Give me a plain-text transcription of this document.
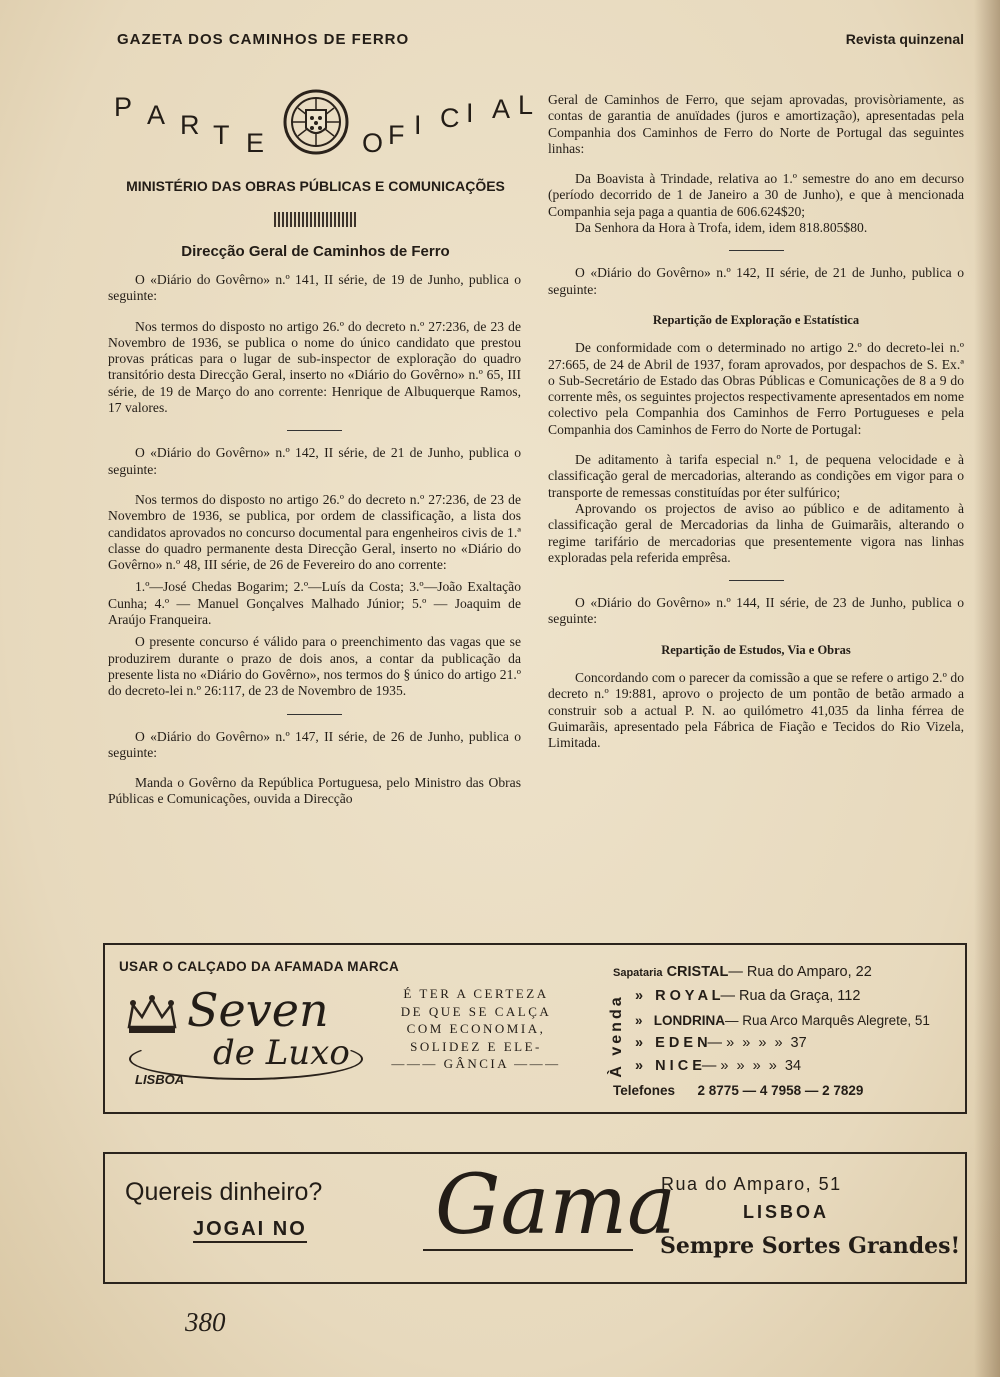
GAZETA DOS CAMINHOS DE FERRO	Revista quinzenal
P A R T E	O F I C I A L
MINISTÉRIO DAS OBRAS PÚBLICAS E COMUNICAÇÕES
Direcção Geral de Caminhos de Ferro

O «Diário do Govêrno» n.º 141, II série, de 19 de Junho, publica o seguinte:

Nos termos do disposto no artigo 26.º do decreto n.º 27:236, de 23 de Novembro de 1936, se publica o nome do único candidato que prestou provas práticas para o lugar de sub-inspector de exploração do quadro transitório desta Direcção Geral, inserto no «Diário do Govêrno» n.º 65, III série, de 19 de Março do ano corrente: Henrique de Albuquerque Ramos, 17 valores.

O «Diário do Govêrno» n.º 142, II série, de 21 de Junho, publica o seguinte:

Nos termos do disposto no artigo 26.º do decreto n.º 27:236, de 23 de Novembro de 1936, se publica, por ordem de classificação, a lista dos candidatos aprovados no concurso documental para engenheiros civis de 1.ª classe do quadro permanente desta Direcção Geral, inserto no «Diário do Govêrno» n.º 48, III série, de 26 de Fevereiro do ano corrente:

1.º—José Chedas Bogarim; 2.º—Luís da Costa; 3.º—João Exaltação Cunha; 4.º — Manuel Gonçalves Malhado Júnior; 5.º — Joaquim de Araújo Franqueira.

O presente concurso é válido para o preenchimento das vagas que se produzirem durante o prazo de dois anos, a contar da publicação da presente lista no «Diário do Govêrno», nos termos do § único do artigo 21.º do decreto-lei n.º 26:117, de 23 de Novembro de 1935.

O «Diário do Govêrno» n.º 147, II série, de 26 de Junho, publica o seguinte:

Manda o Govêrno da República Portuguesa, pelo Ministro das Obras Públicas e Comunicações, ouvida a Direcção

Geral de Caminhos de Ferro, que sejam aprovadas, provisòriamente, as contas de garantia de anuïdades (juros e amortização), apresentadas pela Companhia dos Caminhos de Ferro do Norte de Portugal das seguintes linhas:

Da Boavista à Trindade, relativa ao 1.º semestre do ano em decurso (período decorrido de 1 de Janeiro a 30 de Junho), e que à mencionada Companhia seja paga a quantia de 606.624$20;

Da Senhora da Hora à Trofa, idem, idem 818.805$80.

O «Diário do Govêrno» n.º 142, II série, de 21 de Junho, publica o seguinte:

Repartição de Exploração e Estatística

De conformidade com o determinado no artigo 2.º do decreto-lei n.º 27:665, de 24 de Abril de 1937, foram aprovados, por despachos de S. Ex.ª o Sub-Secretário de Estado das Obras Públicas e Comunicações de 8 a 9 do corrente mês, os seguintes projectos respectivamente apresentados em nome colectivo pela Companhia dos Caminhos de Ferro Portugueses e pela Companhia dos Caminhos de Ferro do Norte de Portugal:

De aditamento à tarifa especial n.º 1, de pequena velocidade e à classificação geral de mercadorias, alterando as condições em vigor para o transporte de remessas constituídas por éter sulfúrico;

Aprovando os projectos de aviso ao público e de aditamento à classificação geral de Mercadorias da linha de Guimarãis, alterando o regime tarifário de mercadorias que presentemente vigora nas linhas exploradas pela referida emprêsa.

O «Diário do Govêrno» n.º 144, II série, de 23 de Junho, publica o seguinte:

Repartição de Estudos, Via e Obras

Concordando com o parecer da comissão a que se refere o artigo 2.º do decreto n.º 19:881, aprovo o projecto de um pontão de betão armado a construir sob a actual P. N. ao quilómetro 41,035 da linha férrea de Guimarãis, apresentado pela Fábrica de Fiação e Tecidos do Rio Vizela, Limitada.

USAR O CALÇADO DA AFAMADA MARCA
Seven
de Luxo
LISBOA
É TER A CERTEZA
DE QUE SE CALÇA
COM ECONOMIA,
SOLIDEZ E ELE-
——— GÂNCIA ———	À venda
Sapataria CRISTAL— Rua do Amparo, 22
» R O Y A L— Rua da Graça, 112
» LONDRINA— Rua Arco Marquês Alegrete, 51
» E D E N— »  »  »  »  37
» N I C E— »  »  »  »  34
Telefones 2 8775 — 4 7958 — 2 7829
Quereis dinheiro?
JOGAI NO Gama
Rua do Amparo, 51
LISBOA
Sempre Sortes Grandes!
380
